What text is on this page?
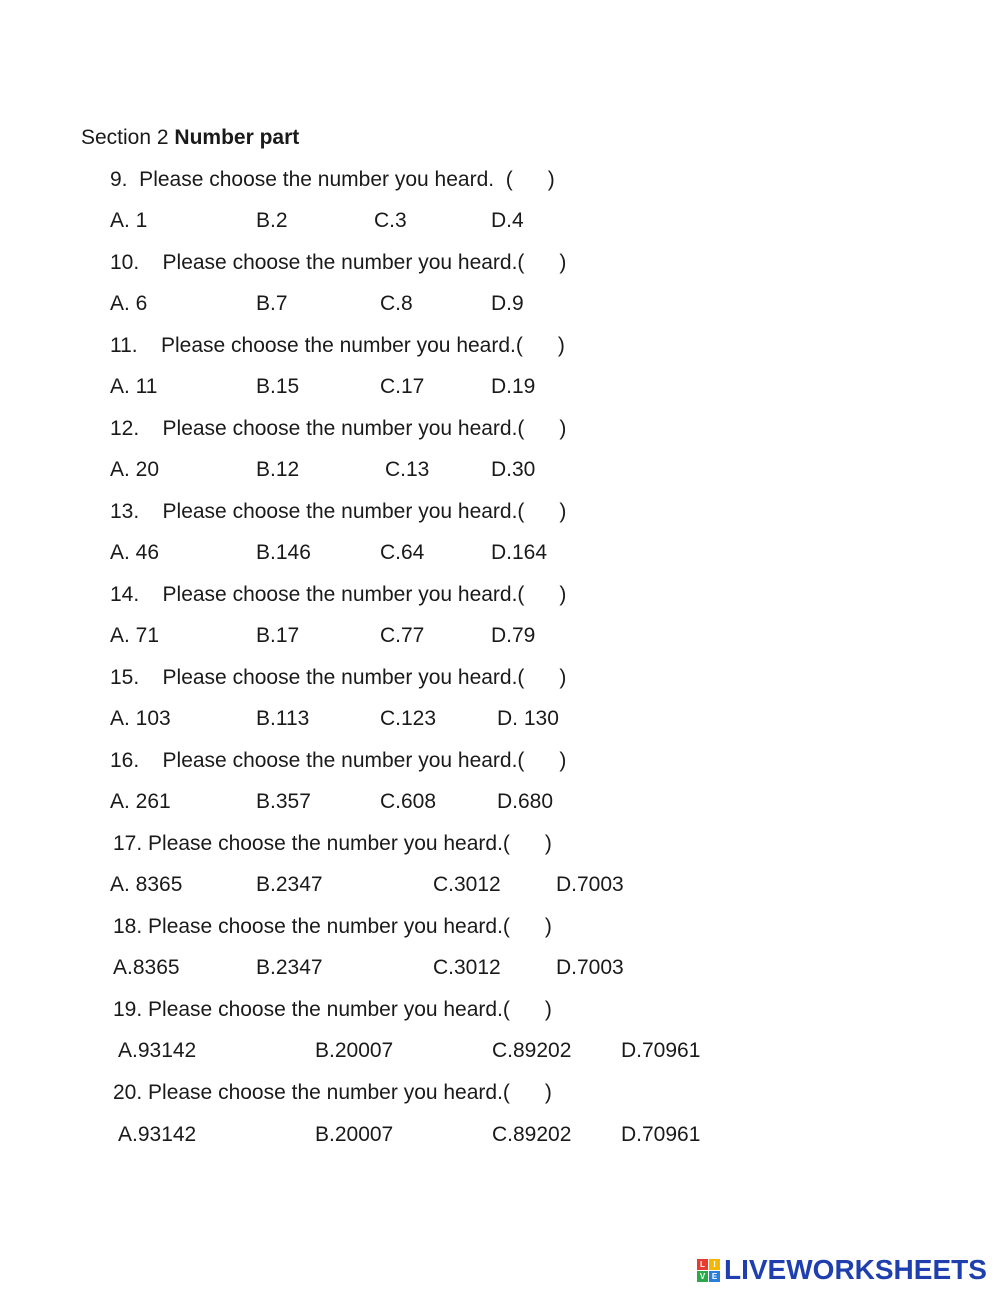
Section 2 Number part
9.  Please choose the number you heard.  (      )
A. 1	B.2	C.3	D.4
10.    Please choose the number you heard.(      )
A. 6	B.7	C.8	D.9
11.    Please choose the number you heard.(      )
A. 11	B.15	C.17	D.19
12.    Please choose the number you heard.(      )
A. 20	B.12	C.13	D.30
13.    Please choose the number you heard.(      )
A. 46	B.146	C.64	D.164
14.    Please choose the number you heard.(      )
A. 71	B.17	C.77	D.79
15.    Please choose the number you heard.(      )
A. 103	B.113	C.123	D. 130
16.    Please choose the number you heard.(      )
A. 261	B.357	C.608	D.680
17. Please choose the number you heard.(      )
A. 8365	B.2347	C.3012	D.7003
18. Please choose the number you heard.(      )
A.8365	B.2347	C.3012	D.7003
19. Please choose the number you heard.(      )
A.93142	B.20007	C.89202 D.70961
20. Please choose the number you heard.(      )
A.93142	B.20007	C.89202 D.70961
L	I
V E LIVEWORKSHEETS
